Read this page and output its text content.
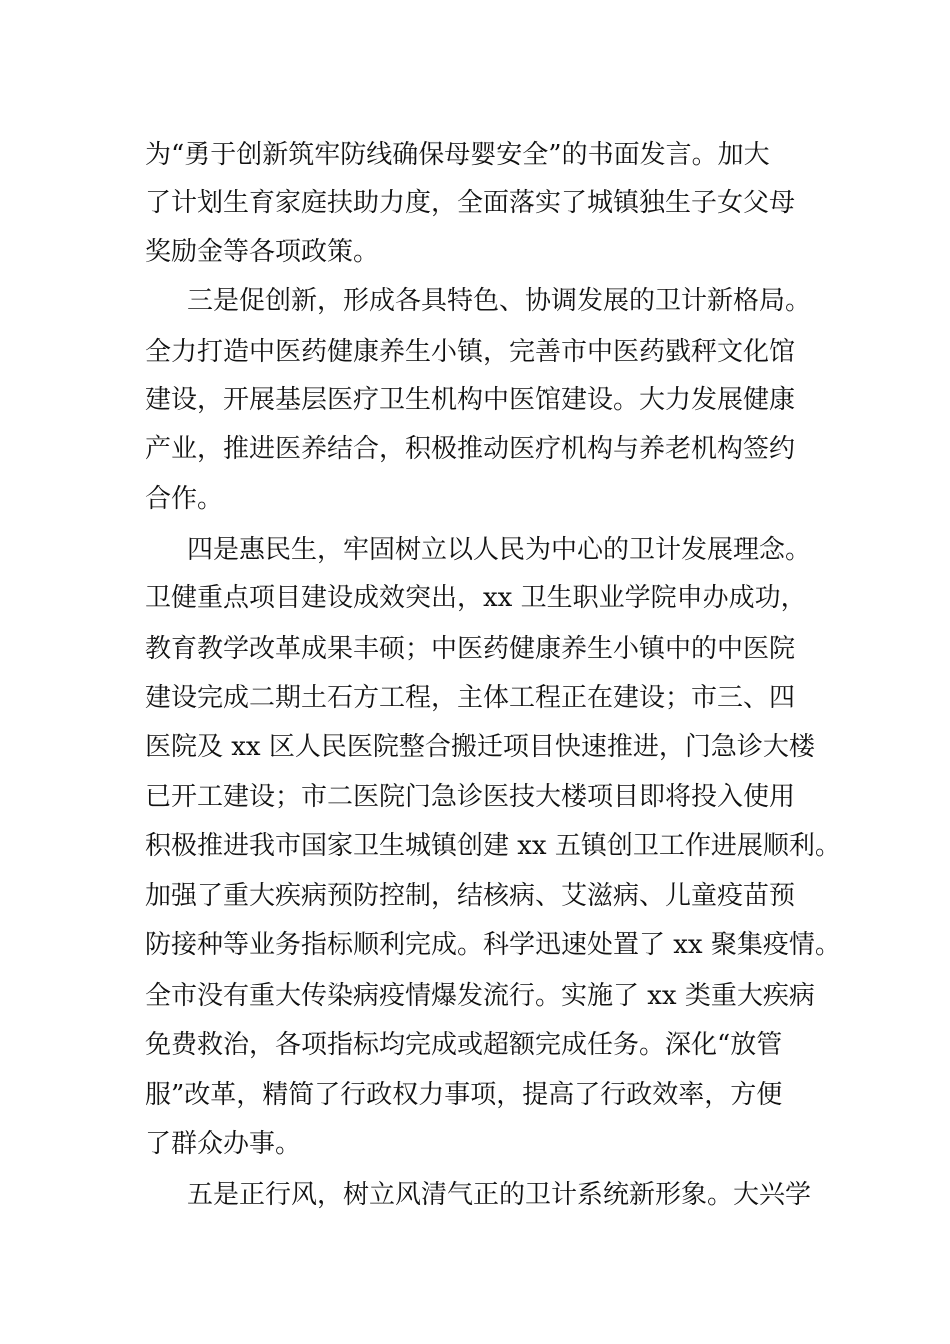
为“勇于创新筑牢防线确保母婴安全”的书面发言。加大

了计划生育家庭扶助力度，全面落实了城镇独生子女父母

奖励金等各项政策。

三是促创新，形成各具特色、协调发展的卫计新格局。

全力打造中医药健康养生小镇，完善市中医药戥秤文化馆

建设，开展基层医疗卫生机构中医馆建设。大力发展健康

产业，推进医养结合，积极推动医疗机构与养老机构签约

合作。

四是惠民生，牢固树立以人民为中心的卫计发展理念。

卫健重点项目建设成效突出，xx 卫生职业学院申办成功，

教育教学改革成果丰硕；中医药健康养生小镇中的中医院

建设完成二期土石方工程，主体工程正在建设；市三、四

医院及 xx 区人民医院整合搬迁项目快速推进，门急诊大楼

已开工建设；市二医院门急诊医技大楼项目即将投入使用

积极推进我市国家卫生城镇创建 xx 五镇创卫工作进展顺利。

加强了重大疾病预防控制，结核病、艾滋病、儿童疫苗预

防接种等业务指标顺利完成。科学迅速处置了 xx 聚集疫情。

全市没有重大传染病疫情爆发流行。实施了 xx 类重大疾病

免费救治，各项指标均完成或超额完成任务。深化“放管

服”改革，精简了行政权力事项，提高了行政效率，方便

了群众办事。

五是正行风，树立风清气正的卫计系统新形象。大兴学
